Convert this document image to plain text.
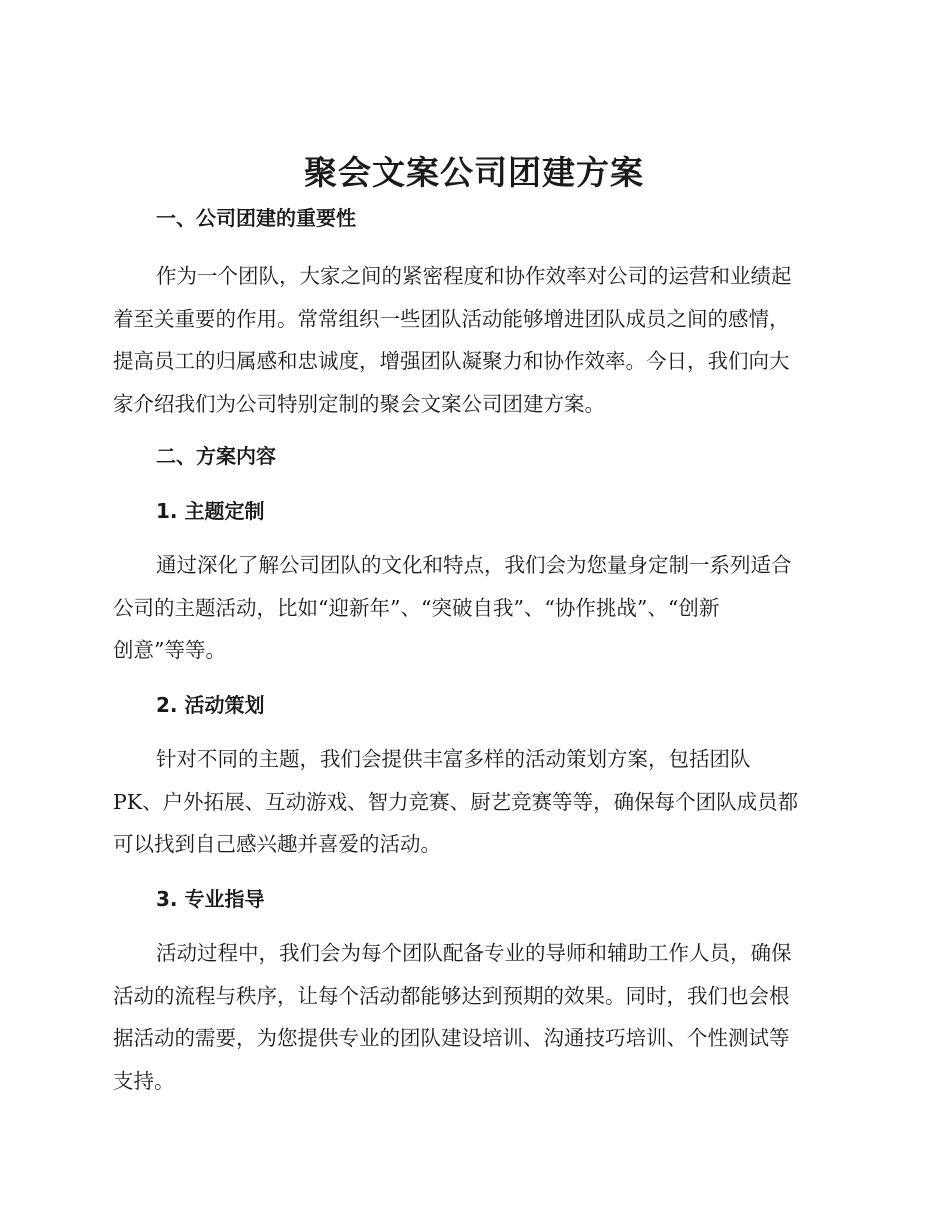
聚会文案公司团建方案
一、公司团建的重要性
作为一个团队，大家之间的紧密程度和协作效率对公司的运营和业绩起
着至关重要的作用。常常组织一些团队活动能够增进团队成员之间的感情，
提高员工的归属感和忠诚度，增强团队凝聚力和协作效率。今日，我们向大
家介绍我们为公司特别定制的聚会文案公司团建方案。
二、方案内容
1. 主题定制
通过深化了解公司团队的文化和特点，我们会为您量身定制一系列适合
公司的主题活动，比如“迎新年”、“突破自我”、“协作挑战”、“创新
创意”等等。
2. 活动策划
针对不同的主题，我们会提供丰富多样的活动策划方案，包括团队
PK、户外拓展、互动游戏、智力竞赛、厨艺竞赛等等，确保每个团队成员都
可以找到自己感兴趣并喜爱的活动。
3. 专业指导
活动过程中，我们会为每个团队配备专业的导师和辅助工作人员，确保
活动的流程与秩序，让每个活动都能够达到预期的效果。同时，我们也会根
据活动的需要，为您提供专业的团队建设培训、沟通技巧培训、个性测试等
支持。
